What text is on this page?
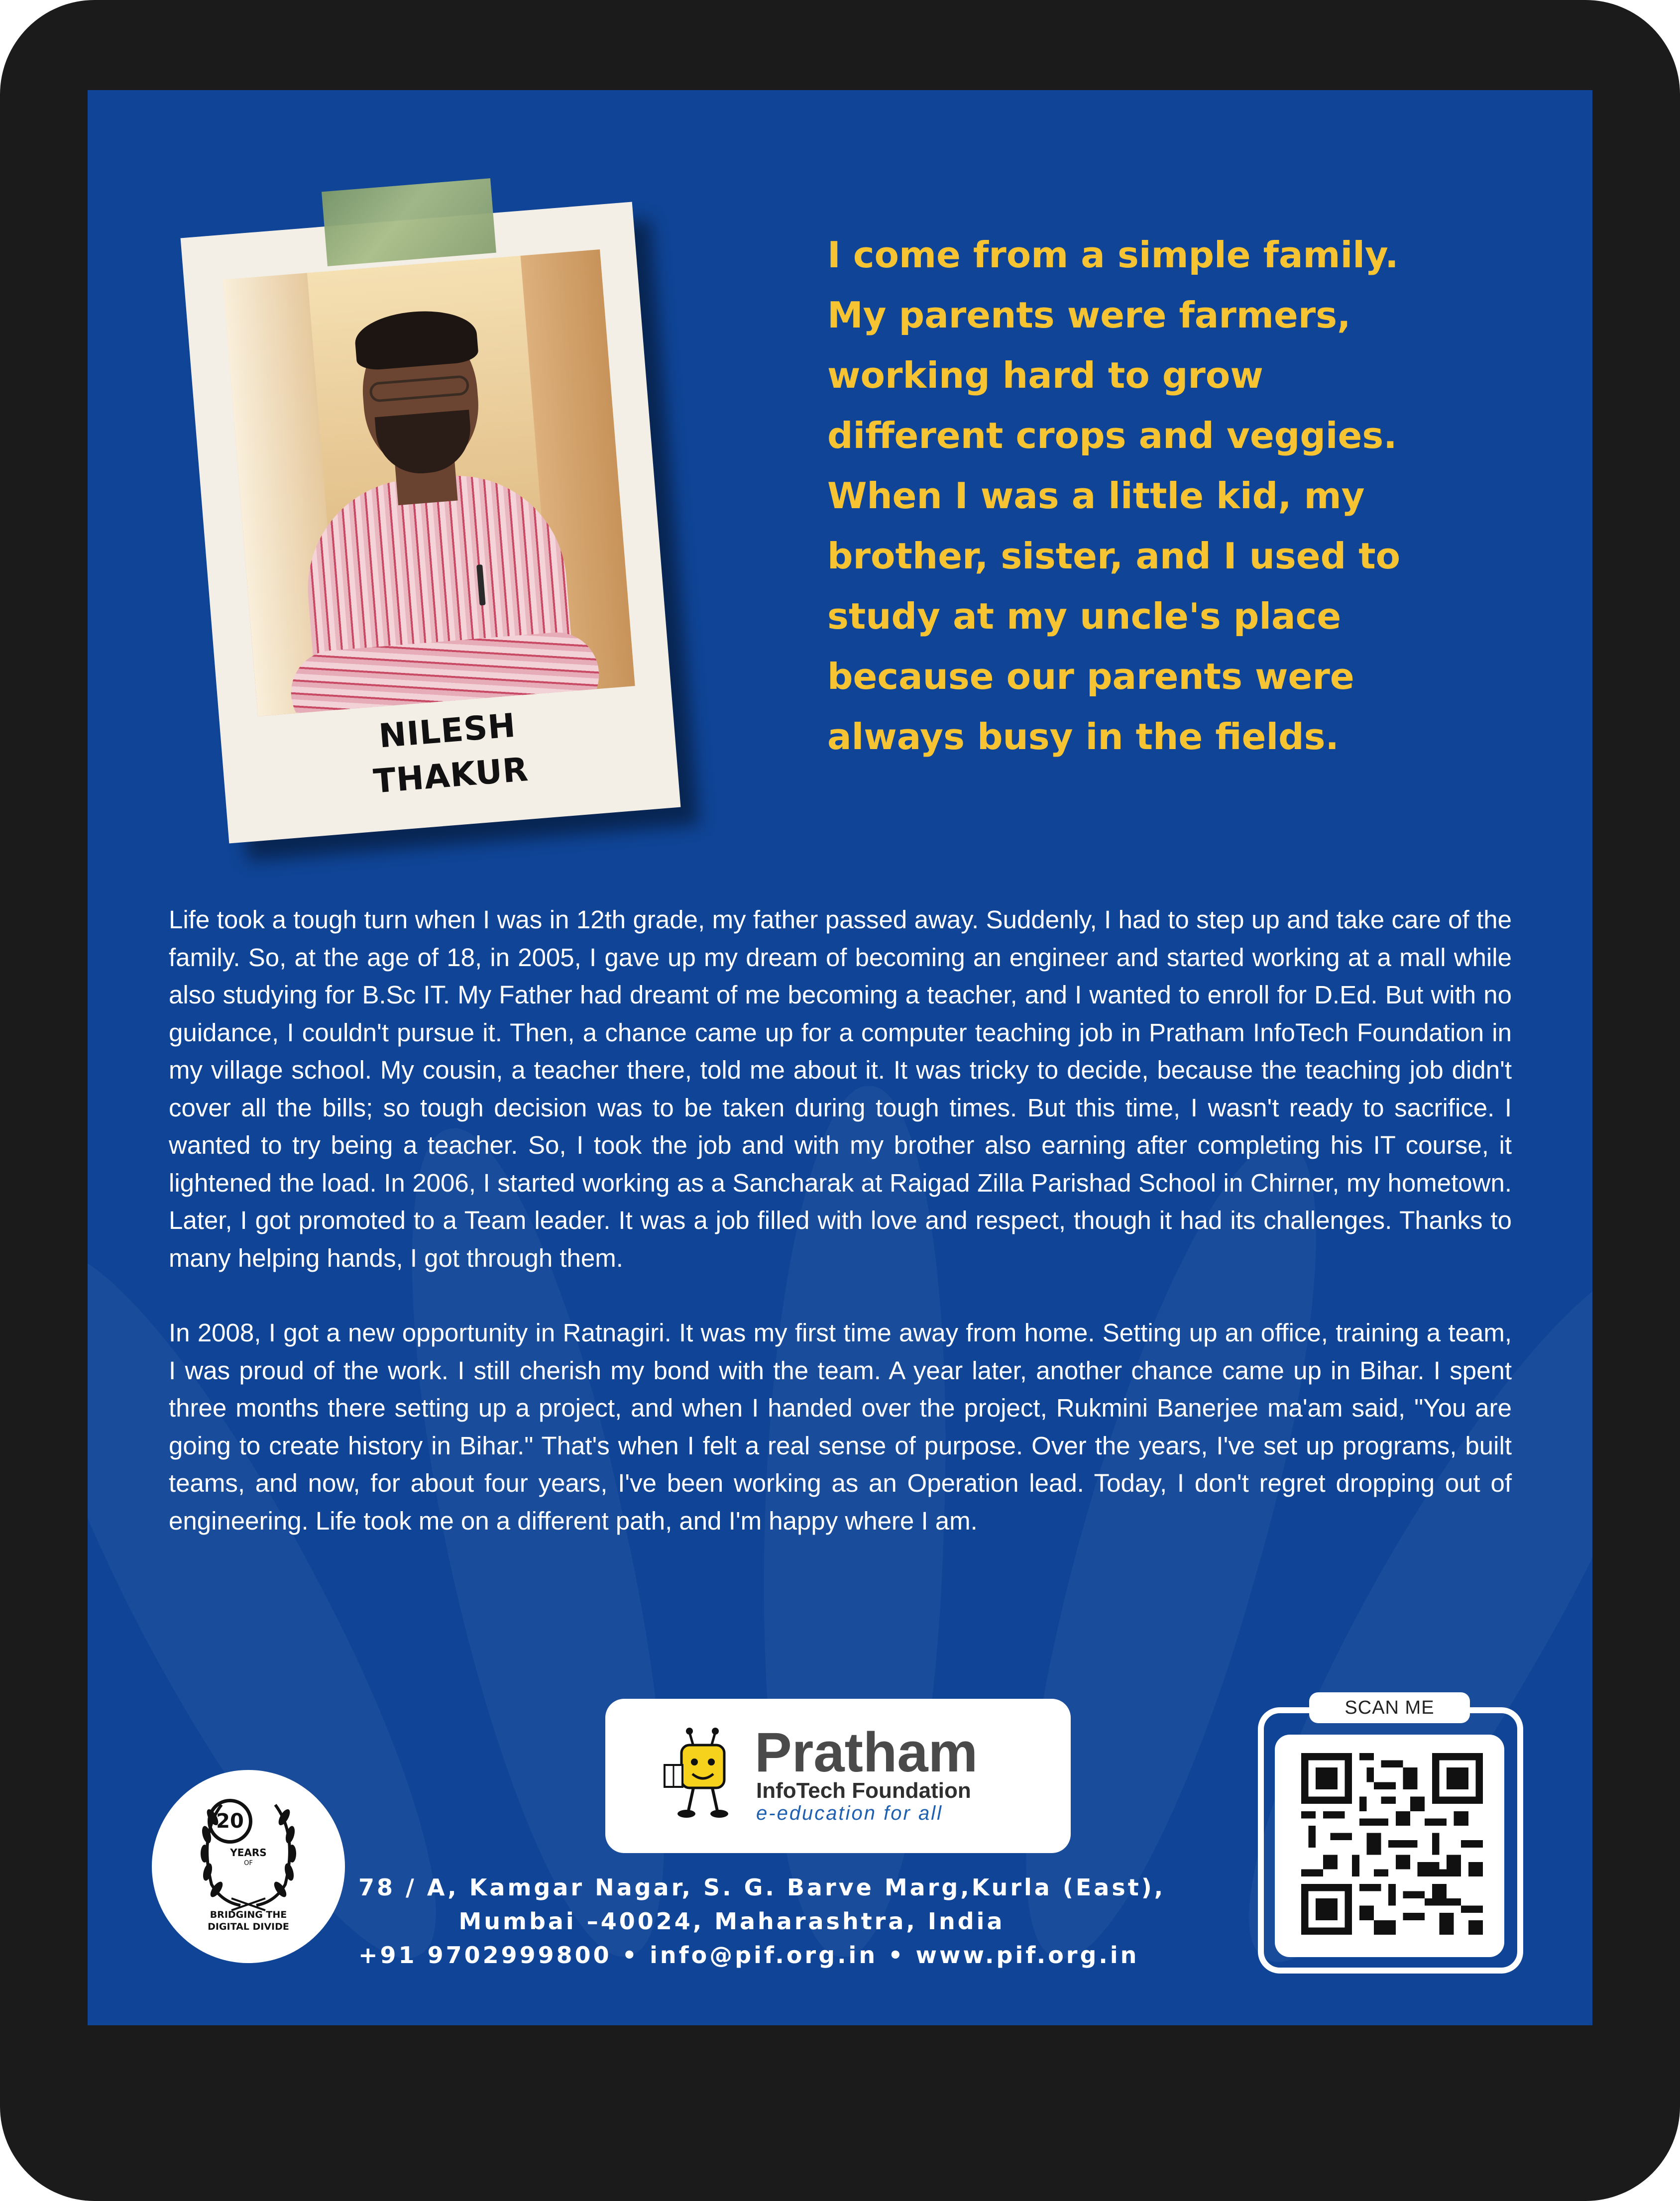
NILESH
THAKUR
I come from a simple family.
My parents were farmers,
working hard to grow
different crops and veggies.
When I was a little kid, my
brother, sister, and I used to
study at my uncle's place
because our parents were
always busy in the fields.

Life took a tough turn when I was in 12th grade, my father passed away. Suddenly, I had to step up and take care of the family. So, at the age of 18, in 2005, I gave up my dream of becoming an engineer and started working at a mall while also studying for B.Sc IT. My Father had dreamt of me becoming a teacher, and I wanted to enroll for D.Ed. But with no guidance, I couldn't pursue it. Then, a chance came up for a computer teaching job in Pratham InfoTech Foundation in my village school. My cousin, a teacher there, told me about it. It was tricky to decide, because the teaching job didn't cover all the bills; so tough decision was to be taken during tough times. But this time, I wasn't ready to sacrifice. I wanted to try being a teacher. So, I took the job and with my brother also earning after completing his IT course, it lightened the load. In 2006, I started working as a Sancharak at Raigad Zilla Parishad School in Chirner, my hometown. Later, I got promoted to a Team leader. It was a job filled with love and respect, though it had its challenges. Thanks to many helping hands, I got through them.

In 2008, I got a new opportunity in Ratnagiri. It was my first time away from home. Setting up an office, training a team, I was proud of the work. I still cherish my bond with the team. A year later, another chance came up in Bihar. I spent three months there setting up a project, and when I handed over the project, Rukmini Banerjee ma'am said, "You are going to create history in Bihar." That's when I felt a real sense of purpose. Over the years, I've set up programs, built teams, and now, for about four years, I've been working as an Operation lead. Today, I don't regret dropping out of engineering. Life took me on a different path, and I'm happy where I am.

Pratham
InfoTech Foundation
e-education for all
20
YEARS
OF
BRIDGING THE
DIGITAL DIVIDE
78 / A, Kamgar Nagar, S. G. Barve Marg,Kurla (East),
Mumbai –40024, Maharashtra, India
+91 9702999800 • info@pif.org.in • www.pif.org.in
SCAN ME
